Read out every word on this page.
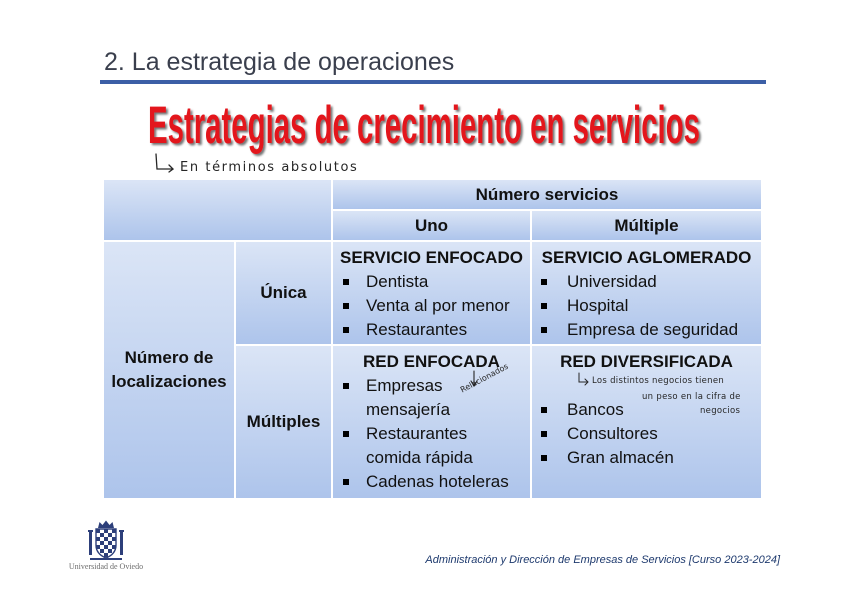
2. La estrategia de operaciones
Estrategias de crecimiento en servicios
En términos absolutos
Número servicios
Uno	Múltiple
Número de localizaciones
Única
Múltiples
SERVICIO ENFOCADO
Dentista
Venta al por menor
Restaurantes
SERVICIO AGLOMERADO
Universidad
Hospital
Empresa de seguridad
RED ENFOCADA
Empresas mensajería
Restaurantes comida rápida
Cadenas hoteleras
Relacionados
RED DIVERSIFICADA
Los distintos negocios tienen
un peso en la cifra de
negocios
Bancos
Consultores
Gran almacén
Universidad de Oviedo
Administración y Dirección de Empresas de Servicios [Curso 2023-2024]
